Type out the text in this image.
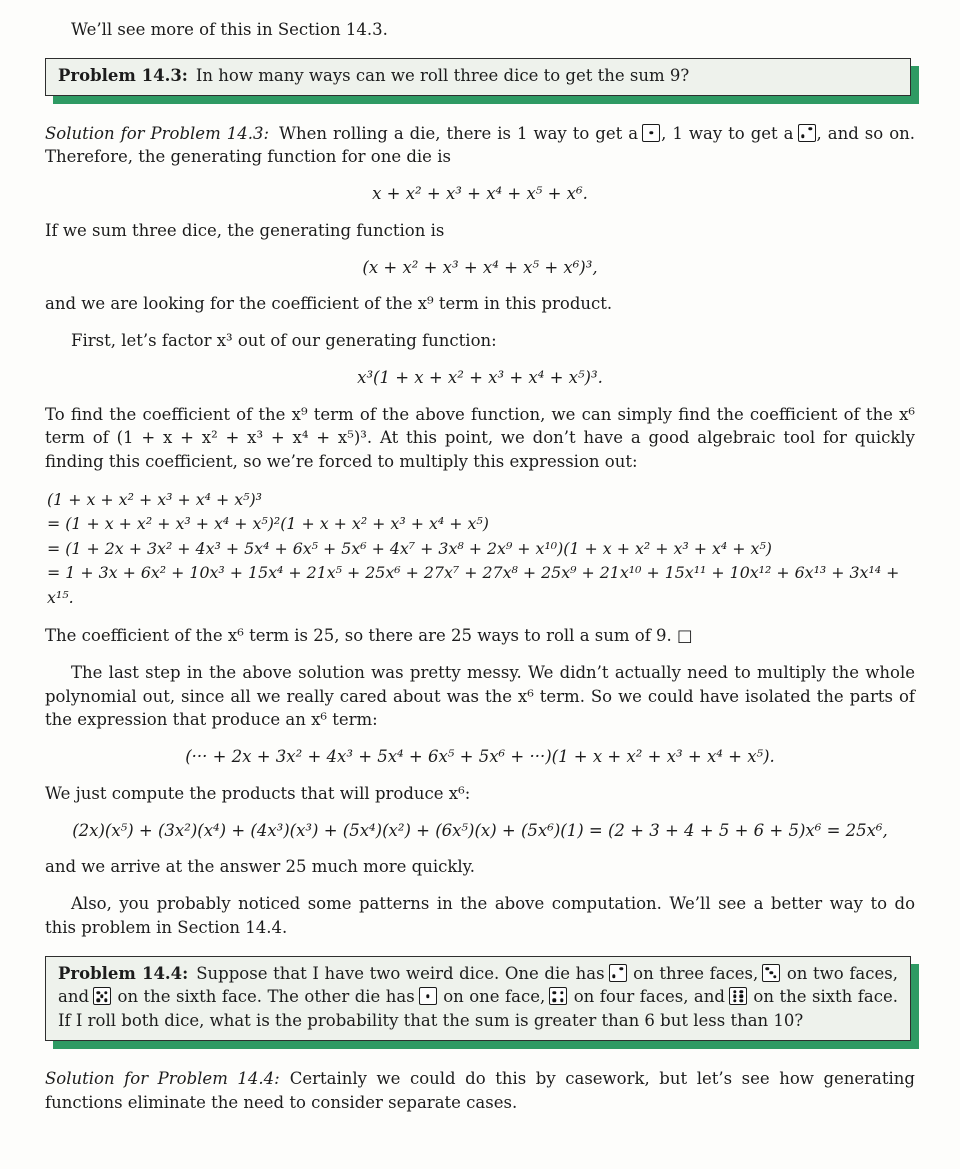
We’ll see more of this in Section 14.3.

Problem 14.3: In how many ways can we roll three dice to get the sum 9?

Solution for Problem 14.3: When rolling a die, there is 1 way to get a , 1 way to get a , and so on. Therefore, the generating function for one die is

x + x² + x³ + x⁴ + x⁵ + x⁶.

If we sum three dice, the generating function is

(x + x² + x³ + x⁴ + x⁵ + x⁶)³,

and we are looking for the coefficient of the x⁹ term in this product.

First, let’s factor x³ out of our generating function:

x³(1 + x + x² + x³ + x⁴ + x⁵)³.

To find the coefficient of the x⁹ term of the above function, we can simply find the coefficient of the x⁶ term of (1 + x + x² + x³ + x⁴ + x⁵)³. At this point, we don’t have a good algebraic tool for quickly finding this coefficient, so we’re forced to multiply this expression out:

(1 + x + x² + x³ + x⁴ + x⁵)³
= (1 + x + x² + x³ + x⁴ + x⁵)²(1 + x + x² + x³ + x⁴ + x⁵)
= (1 + 2x + 3x² + 4x³ + 5x⁴ + 6x⁵ + 5x⁶ + 4x⁷ + 3x⁸ + 2x⁹ + x¹⁰)(1 + x + x² + x³ + x⁴ + x⁵)
= 1 + 3x + 6x² + 10x³ + 15x⁴ + 21x⁵ + 25x⁶ + 27x⁷ + 27x⁸ + 25x⁹ + 21x¹⁰ + 15x¹¹ + 10x¹² + 6x¹³ + 3x¹⁴ + x¹⁵.

The coefficient of the x⁶ term is 25, so there are 25 ways to roll a sum of 9. □

The last step in the above solution was pretty messy. We didn’t actually need to multiply the whole polynomial out, since all we really cared about was the x⁶ term. So we could have isolated the parts of the expression that produce an x⁶ term:

(··· + 2x + 3x² + 4x³ + 5x⁴ + 6x⁵ + 5x⁶ + ···)(1 + x + x² + x³ + x⁴ + x⁵).

We just compute the products that will produce x⁶:

(2x)(x⁵) + (3x²)(x⁴) + (4x³)(x³) + (5x⁴)(x²) + (6x⁵)(x) + (5x⁶)(1) = (2 + 3 + 4 + 5 + 6 + 5)x⁶ = 25x⁶,

and we arrive at the answer 25 much more quickly.

Also, you probably noticed some patterns in the above computation. We’ll see a better way to do this problem in Section 14.4.

Problem 14.4: Suppose that I have two weird dice. One die has
on three faces,
on two faces, and
on the sixth face. The other die has
on one face,
on four faces, and
on the sixth face. If I roll both dice, what is the probability that the sum is greater than 6 but less than 10?

Solution for Problem 14.4: Certainly we could do this by casework, but let’s see how generating functions eliminate the need to consider separate cases.
